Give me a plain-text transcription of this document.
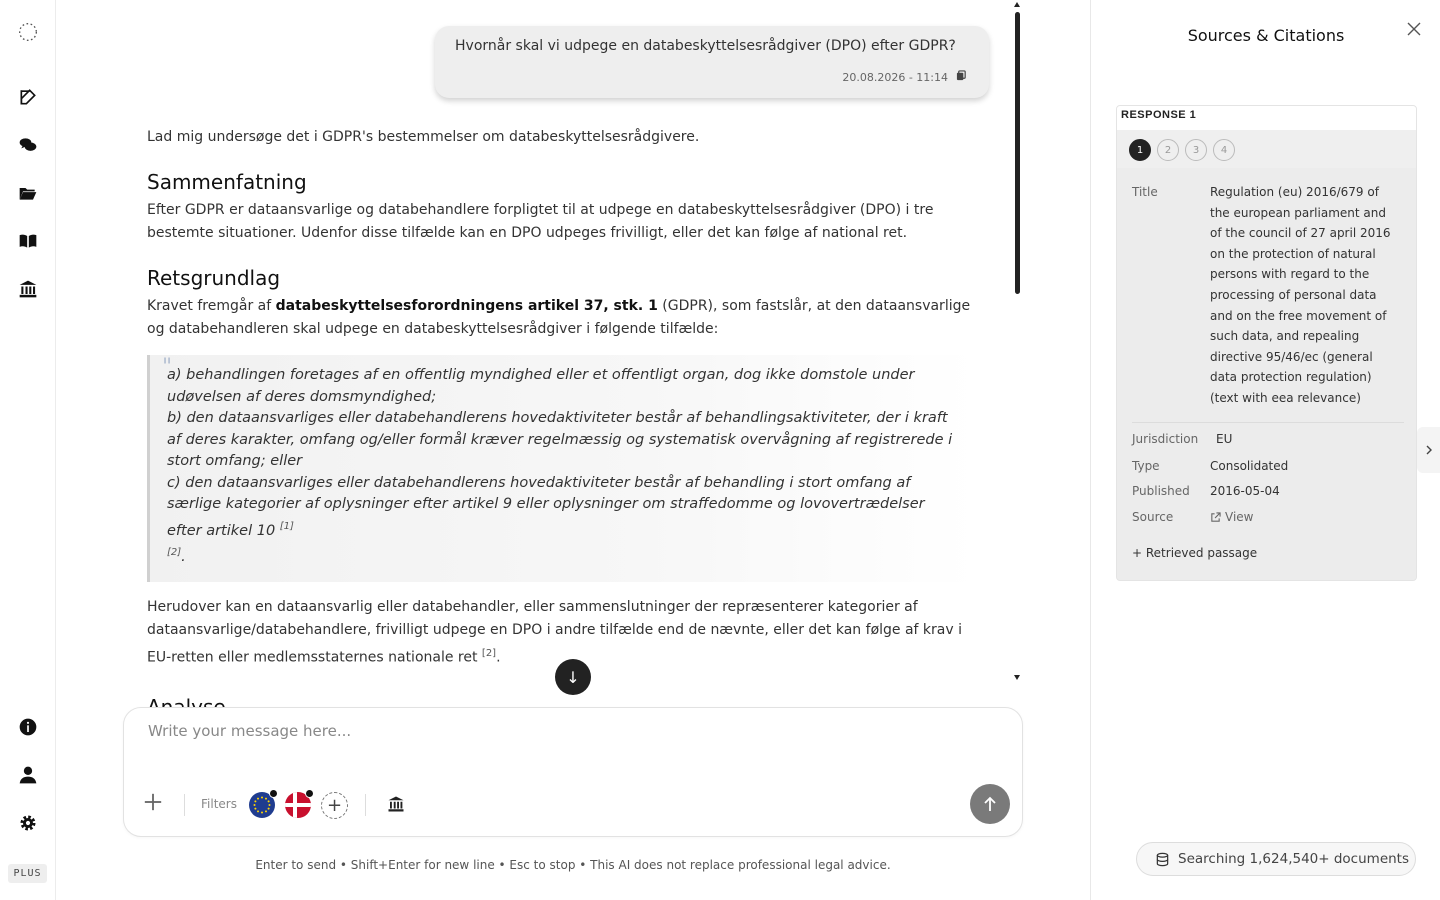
PLUS
Hvornår skal vi udpege en databeskyttelsesrådgiver (DPO) efter GDPR?
20.08.2026 - 11:14

Lad mig undersøge det i GDPR's bestemmelser om databeskyttelsesrådgivere.

Sammenfatning

Efter GDPR er dataansvarlige og databehandlere forpligtet til at udpege en databeskyttelsesrådgiver (DPO) i tre bestemte situationer. Udenfor disse tilfælde kan en DPO udpeges frivilligt, eller det kan følge af national ret.

Retsgrundlag

Kravet fremgår af databeskyttelsesforordningens artikel 37, stk. 1 (GDPR), som fastslår, at den dataansvarlige og databehandleren skal udpege en databeskyttelsesrådgiver i følgende tilfælde:

"
a) behandlingen foretages af en offentlig myndighed eller et offentligt organ, dog ikke domstole under udøvelsen af deres domsmyndighed;
b) den dataansvarliges eller databehandlerens hovedaktiviteter består af behandlingsaktiviteter, der i kraft af deres karakter, omfang og/eller formål kræver regelmæssig og systematisk overvågning af registrerede i stort omfang; eller
c) den dataansvarliges eller databehandlerens hovedaktiviteter består af behandling i stort omfang af særlige kategorier af oplysninger efter artikel 9 eller oplysninger om straffedomme og lovovertrædelser efter artikel 10 [1]
[2].

Herudover kan en dataansvarlig eller databehandler, eller sammenslutninger der repræsenterer kategorier af dataansvarlige/databehandlere, frivilligt udpege en DPO i andre tilfælde end de nævnte, eller det kan følge af krav i EU-retten eller medlemsstaternes nationale ret [2].

↓
Write your message here...
Filters	+
Enter to send • Shift+Enter for new line • Esc to stop • This AI does not replace professional legal advice.
Sources & Citations
RESPONSE 1
1	2	3	4
Title	Regulation (eu) 2016/679 of the european parliament and of the council of 27 april 2016 on the protection of natural persons with regard to the processing of personal data and on the free movement of such data, and repealing directive 95/46/ec (general data protection regulation) (text with eea relevance)
Jurisdiction EU
Type	Consolidated
Published 2016-05-04
Source	View
+ Retrieved passage
Searching 1,624,540+ documents
